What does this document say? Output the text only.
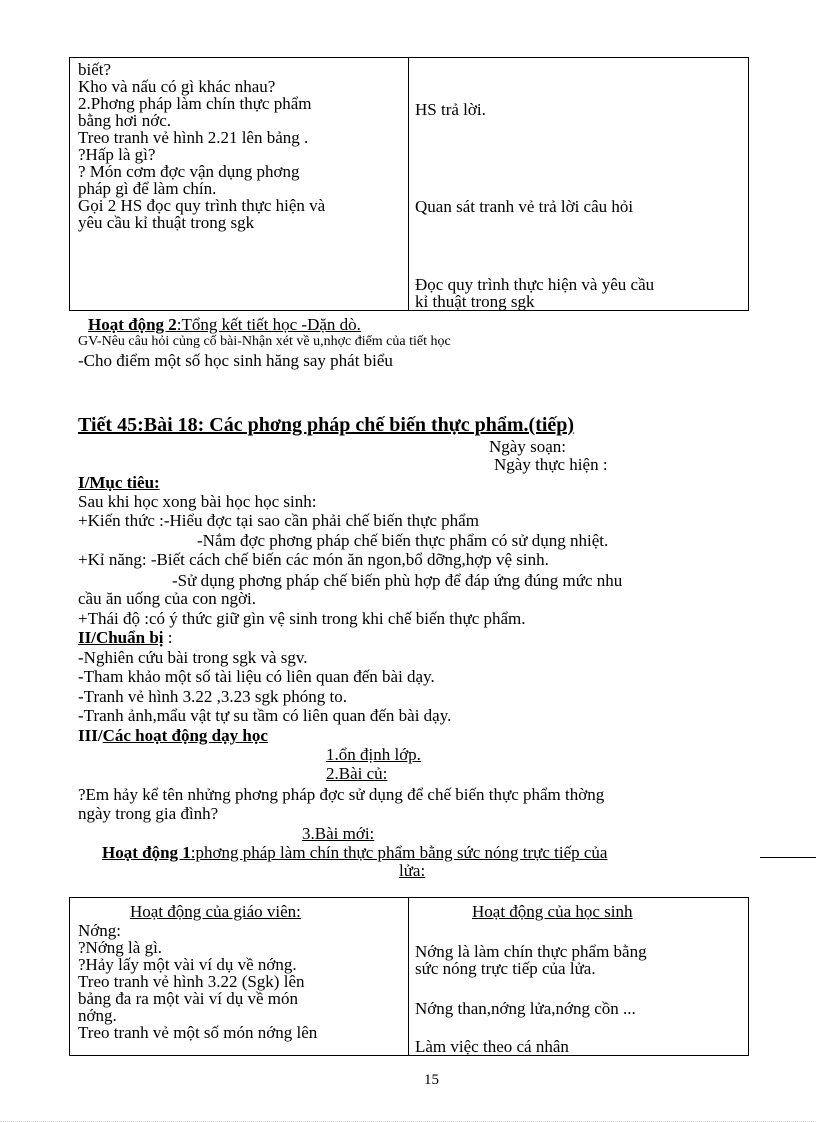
biết?
Kho và nấu có gì khác nhau?
2.Phơng pháp làm chín thực phẩm
bằng hơi nớc.
Treo tranh vẻ hình 2.21 lên bảng .
?Hấp là gì?
? Món cơm đợc vận dụng phơng
pháp gì để làm chín.
Gọi 2 HS đọc quy trình thực hiện và
yêu cầu kỉ thuật trong sgk
HS trả lời.
Quan sát tranh vẻ trả lời câu hỏi
Đọc quy trình thực hiện và yêu cầu
kỉ thuật trong sgk
Hoạt động 2:Tổng kết tiết học -Dặn dò.
GV-Nêu câu hỏi củng cố bài-Nhận xét về u,nhợc điểm của tiết học
-Cho điểm một số học sinh hăng say phát biểu
Tiết 45:Bài 18: Các phơng pháp chế biến thực phẩm.(tiếp)
Ngày soạn:
Ngày thực hiện :
I/Mục tiêu:
Sau khi học xong bài học học sinh:
+Kiến thức :-Hiểu đợc tại sao cần phải chế biến thực phẩm
-Nắm đợc phơng pháp chế biến thực phẩm có sử dụng nhiệt.
+Kỉ năng: -Biết cách chế biến các món ăn ngon,bổ dỡng,hợp vệ sinh.
-Sử dụng phơng pháp chế biến phù hợp để đáp ứng đúng mức nhu
cầu ăn uống của con ngời.
+Thái độ :có ý thức giữ gìn vệ sinh trong khi chế biến thực phẩm.
II/Chuẩn bị :
-Nghiên cứu bài trong sgk và sgv.
-Tham khảo một số tài liệu có liên quan đến bài dạy.
-Tranh vẻ hình 3.22 ,3.23 sgk phóng to.
-Tranh ảnh,mẩu vật tự su tầm có liên quan đến bài dạy.
III/Các hoạt động dạy học
1.ổn định lớp.
2.Bài củ:
?Em hảy kể tên nhửng phơng pháp đợc sử dụng để chế biến thực phẩm thờng
ngày trong gia đình?
3.Bài mới:
Hoạt động 1:phơng pháp làm chín thực phẩm bằng sức nóng trực tiếp của
lửa:
Hoạt động của giáo viên:	Hoạt động của học sinh
Nớng:
?Nớng là gì.
?Hảy lấy một vài ví dụ về nớng.
Treo tranh vẻ hình 3.22 (Sgk) lên
bảng đa ra một vài ví dụ về món
nớng.
Treo tranh vẻ một số món nớng lên
Nớng là làm chín thực phẩm bằng
sức nóng trực tiếp của lửa.
Nớng than,nớng lửa,nớng cồn ...
Làm việc theo cá nhân
15
